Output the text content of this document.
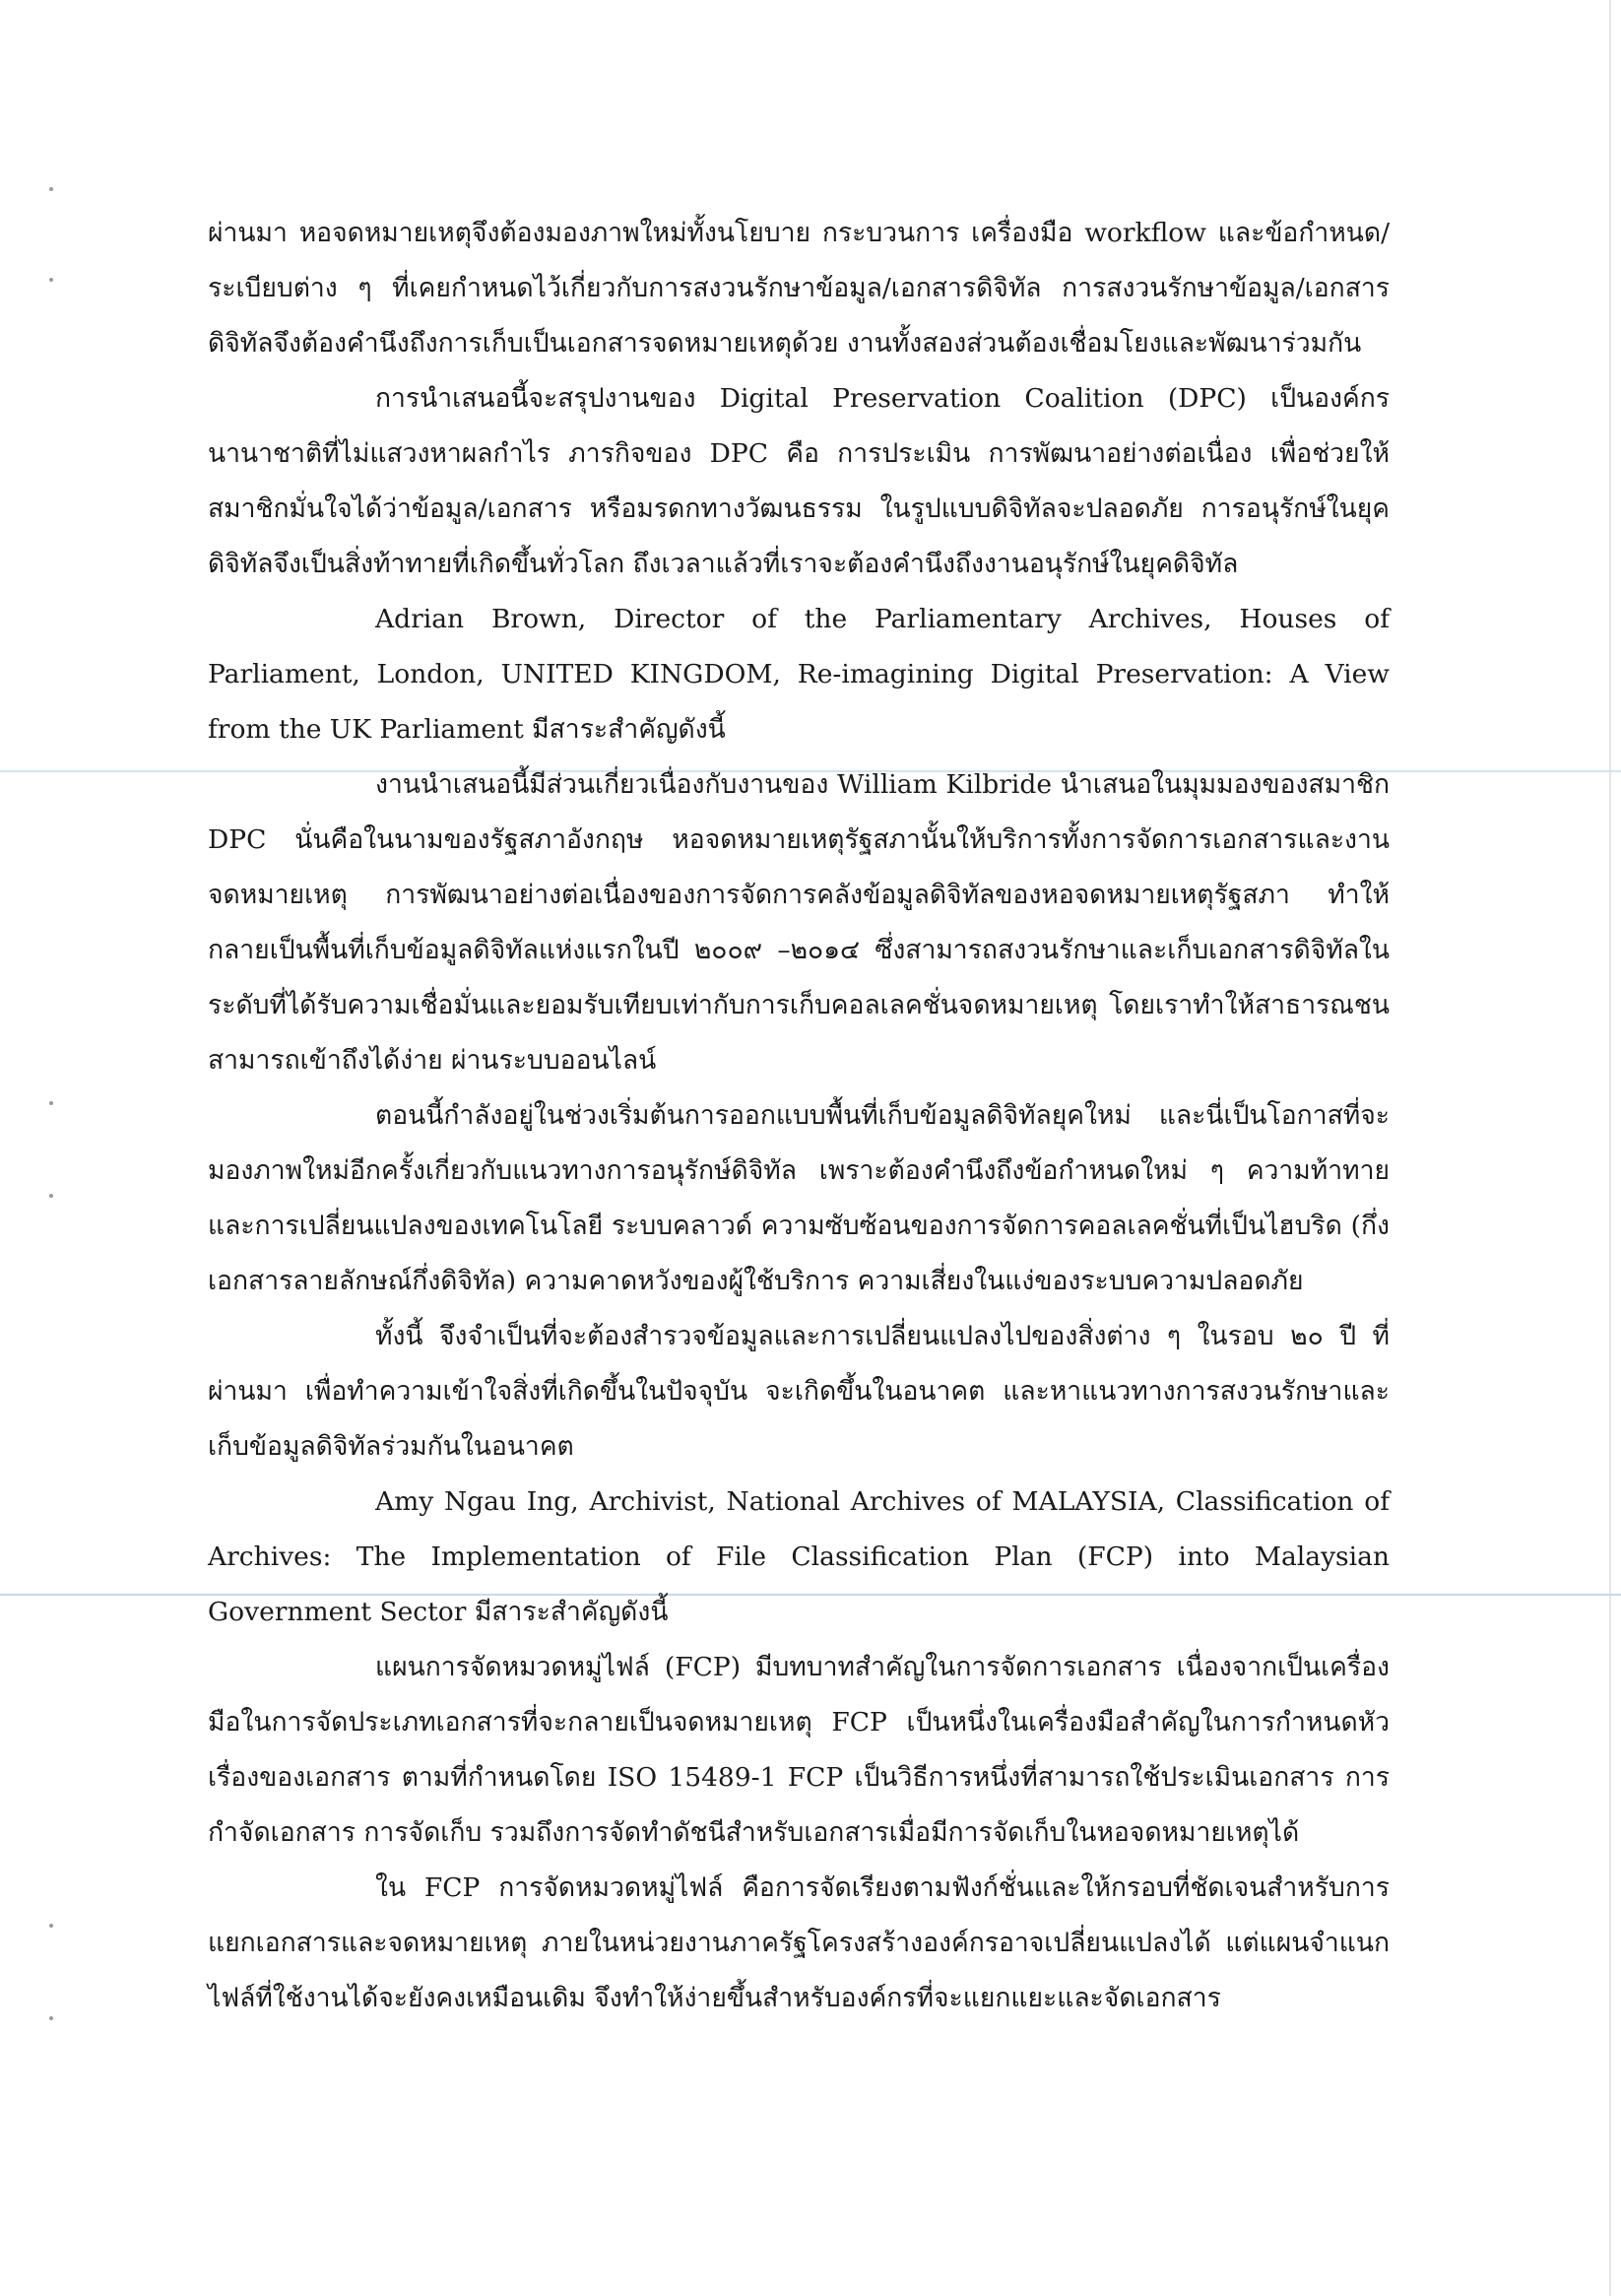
ผ่านมา หอจดหมายเหตุจึงต้องมองภาพใหม่ทั้งนโยบาย กระบวนการ เครื่องมือ workflow และข้อกำหนด/ระเบียบต่าง ๆ ที่เคยกำหนดไว้เกี่ยวกับการสงวนรักษาข้อมูล/เอกสารดิจิทัล การสงวนรักษาข้อมูล/เอกสารดิจิทัลจึงต้องคำนึงถึงการเก็บเป็นเอกสารจดหมายเหตุด้วย งานทั้งสองส่วนต้องเชื่อมโยงและพัฒนาร่วมกัน

การนำเสนอนี้จะสรุปงานของ Digital Preservation Coalition (DPC) เป็นองค์กรนานาชาติที่ไม่แสวงหาผลกำไร ภารกิจของ DPC คือ การประเมิน การพัฒนาอย่างต่อเนื่อง เพื่อช่วยให้สมาชิกมั่นใจได้ว่าข้อมูล/เอกสาร หรือมรดกทางวัฒนธรรม ในรูปแบบดิจิทัลจะปลอดภัย การอนุรักษ์ในยุคดิจิทัลจึงเป็นสิ่งท้าทายที่เกิดขึ้นทั่วโลก ถึงเวลาแล้วที่เราจะต้องคำนึงถึงงานอนุรักษ์ในยุคดิจิทัล

Adrian Brown, Director of the Parliamentary Archives, Houses of Parliament, London, UNITED KINGDOM, Re-imagining Digital Preservation: A View from the UK Parliament มีสาระสำคัญดังนี้

งานนำเสนอนี้มีส่วนเกี่ยวเนื่องกับงานของ William Kilbride นำเสนอในมุมมองของสมาชิก DPC นั่นคือในนามของรัฐสภาอังกฤษ หอจดหมายเหตุรัฐสภานั้นให้บริการทั้งการจัดการเอกสารและงานจดหมายเหตุ การพัฒนาอย่างต่อเนื่องของการจัดการคลังข้อมูลดิจิทัลของหอจดหมายเหตุรัฐสภา ทำให้กลายเป็นพื้นที่เก็บข้อมูลดิจิทัลแห่งแรกในปี ๒๐๐๙ –๒๐๑๔ ซึ่งสามารถสงวนรักษาและเก็บเอกสารดิจิทัลในระดับที่ได้รับความเชื่อมั่นและยอมรับเทียบเท่ากับการเก็บคอลเลคชั่นจดหมายเหตุ โดยเราทำให้สาธารณชนสามารถเข้าถึงได้ง่าย ผ่านระบบออนไลน์

ตอนนี้กำลังอยู่ในช่วงเริ่มต้นการออกแบบพื้นที่เก็บข้อมูลดิจิทัลยุคใหม่ และนี่เป็นโอกาสที่จะมองภาพใหม่อีกครั้งเกี่ยวกับแนวทางการอนุรักษ์ดิจิทัล เพราะต้องคำนึงถึงข้อกำหนดใหม่ ๆ ความท้าทายและการเปลี่ยนแปลงของเทคโนโลยี ระบบคลาวด์ ความซับซ้อนของการจัดการคอลเลคชั่นที่เป็นไฮบริด (กึ่งเอกสารลายลักษณ์กึ่งดิจิทัล) ความคาดหวังของผู้ใช้บริการ ความเสี่ยงในแง่ของระบบความปลอดภัย

ทั้งนี้ จึงจำเป็นที่จะต้องสำรวจข้อมูลและการเปลี่ยนแปลงไปของสิ่งต่าง ๆ ในรอบ ๒๐ ปี ที่ผ่านมา เพื่อทำความเข้าใจสิ่งที่เกิดขึ้นในปัจจุบัน จะเกิดขึ้นในอนาคต และหาแนวทางการสงวนรักษาและเก็บข้อมูลดิจิทัลร่วมกันในอนาคต

Amy Ngau Ing, Archivist, National Archives of MALAYSIA, Classification of Archives: The Implementation of File Classification Plan (FCP) into Malaysian Government Sector มีสาระสำคัญดังนี้

แผนการจัดหมวดหมู่ไฟล์ (FCP) มีบทบาทสำคัญในการจัดการเอกสาร เนื่องจากเป็นเครื่องมือในการจัดประเภทเอกสารที่จะกลายเป็นจดหมายเหตุ FCP เป็นหนึ่งในเครื่องมือสำคัญในการกำหนดหัวเรื่องของเอกสาร ตามที่กำหนดโดย ISO 15489-1 FCP เป็นวิธีการหนึ่งที่สามารถใช้ประเมินเอกสาร การกำจัดเอกสาร การจัดเก็บ รวมถึงการจัดทำดัชนีสำหรับเอกสารเมื่อมีการจัดเก็บในหอจดหมายเหตุได้

ใน FCP การจัดหมวดหมู่ไฟล์ คือการจัดเรียงตามฟังก์ชั่นและให้กรอบที่ชัดเจนสำหรับการแยกเอกสารและจดหมายเหตุ ภายในหน่วยงานภาครัฐโครงสร้างองค์กรอาจเปลี่ยนแปลงได้ แต่แผนจำแนกไฟล์ที่ใช้งานได้จะยังคงเหมือนเดิม จึงทำให้ง่ายขึ้นสำหรับองค์กรที่จะแยกแยะและจัดเอกสาร
